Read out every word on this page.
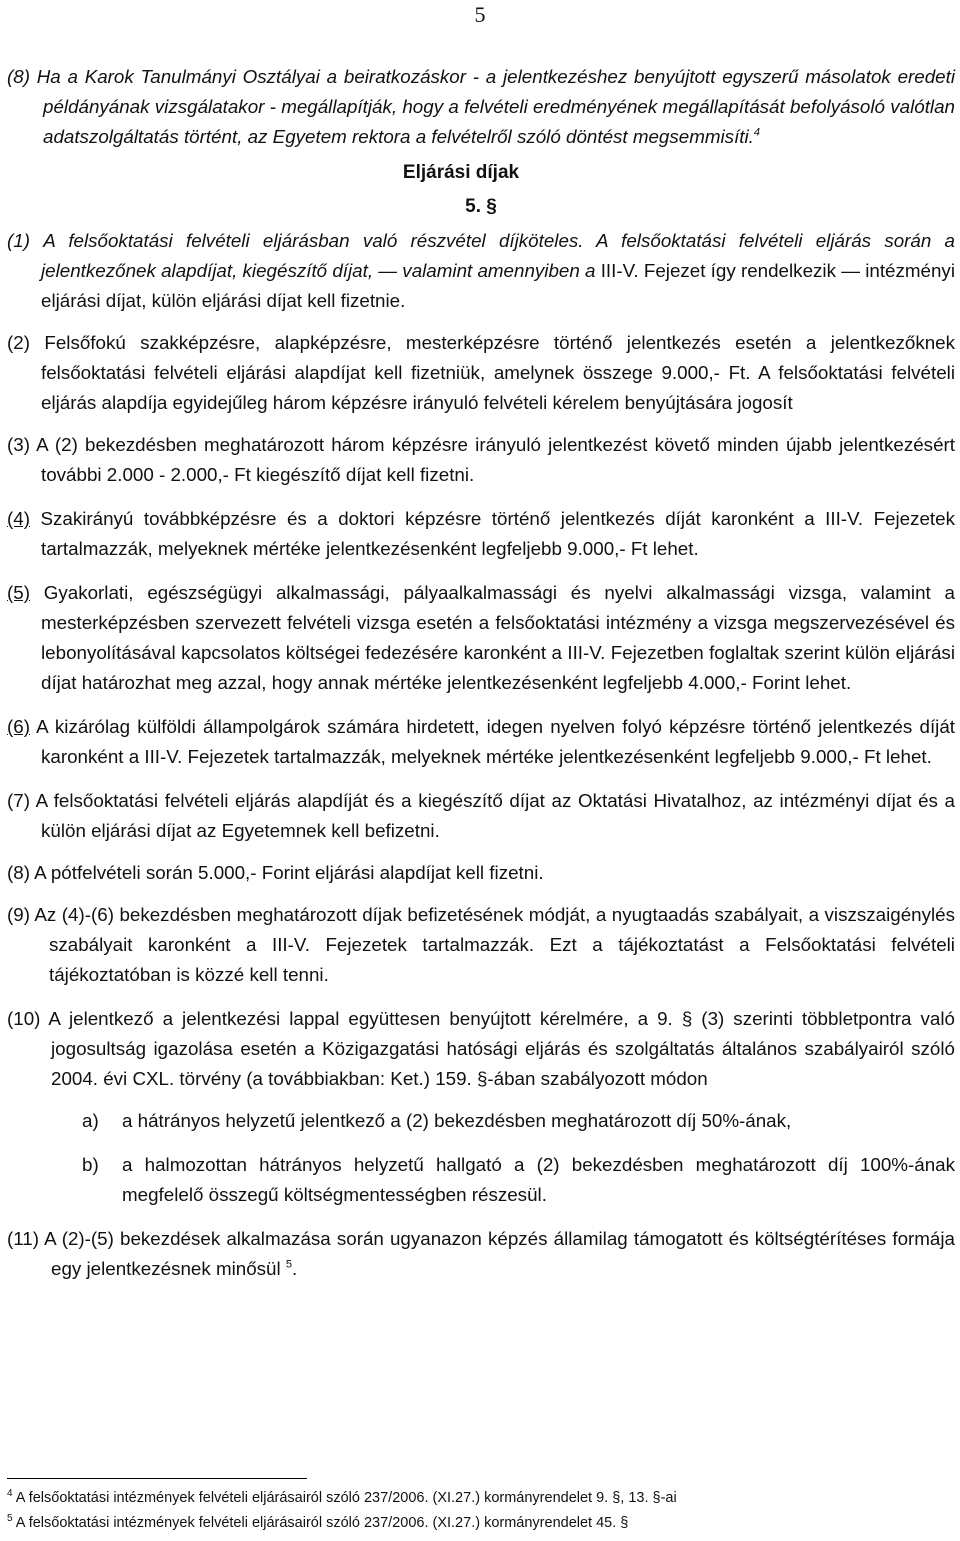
5

(8) Ha a Karok Tanulmányi Osztályai a beiratkozáskor - a jelentkezéshez benyújtott egyszerű másolatok eredeti példányának vizsgálatakor - megállapítják, hogy a felvételi eredményének megállapítását befolyásoló valótlan adatszolgáltatás történt, az Egyetem rektora a felvételről szóló döntést megsemmisíti.$^4$

Eljárási díjak
5. §

(1) A felsőoktatási felvételi eljárásban való részvétel díjköteles. A felsőoktatási felvételi eljárás során a jelentkezőnek alapdíjat, kiegészítő díjat, — valamint amennyiben a III-V. Fejezet így rendelkezik — intézményi eljárási díjat, külön eljárási díjat kell fizetnie.

(2) Felsőfokú szakképzésre, alapképzésre, mesterképzésre történő jelentkezés esetén a jelentkezőknek felsőoktatási felvételi eljárási alapdíjat kell fizetniük, amelynek összege 9.000,- Ft. A felsőoktatási felvételi eljárás alapdíja egyidejűleg három képzésre irányuló felvételi kérelem benyújtására jogosít

(3) A (2) bekezdésben meghatározott három képzésre irányuló jelentkezést követő minden újabb jelentkezésért további 2.000 - 2.000,- Ft kiegészítő díjat kell fizetni.

(4) Szakirányú továbbképzésre és a doktori képzésre történő jelentkezés díját karonként a III-V. Fejezetek tartalmazzák, melyeknek mértéke jelentkezésenként legfeljebb 9.000,- Ft lehet.

(5) Gyakorlati, egészségügyi alkalmassági, pályaalkalmassági és nyelvi alkalmassági vizsga, valamint a mesterképzésben szervezett felvételi vizsga esetén a felsőoktatási intézmény a vizsga megszervezésével és lebonyolításával kapcsolatos költségei fedezésére karonként a III-V. Fejezetben foglaltak szerint külön eljárási díjat határozhat meg azzal, hogy annak mértéke jelentkezésenként legfeljebb 4.000,- Forint lehet.

(6) A kizárólag külföldi állampolgárok számára hirdetett, idegen nyelven folyó képzésre történő jelentkezés díját karonként a III-V. Fejezetek tartalmazzák, melyeknek mértéke jelentkezésenként legfeljebb 9.000,- Ft lehet.

(7) A felsőoktatási felvételi eljárás alapdíját és a kiegészítő díjat az Oktatási Hivatalhoz, az intézményi díjat és a külön eljárási díjat az Egyetemnek kell befizetni.

(8) A pótfelvételi során 5.000,- Forint eljárási alapdíjat kell fizetni.

(9) Az (4)-(6) bekezdésben meghatározott díjak befizetésének módját, a nyugtaadás szabályait, a viszszaigénylés szabályait karonként a III-V. Fejezetek tartalmazzák. Ezt a tájékoztatást a Felsőoktatási felvételi tájékoztatóban is közzé kell tenni.

(10) A jelentkező a jelentkezési lappal együttesen benyújtott kérelmére, a 9. § (3) szerinti többletpontra való jogosultság igazolása esetén a Közigazgatási hatósági eljárás és szolgáltatás általános szabályairól szóló 2004. évi CXL. törvény (a továbbiakban: Ket.) 159. §-ában szabályozott módon

a)	a hátrányos helyzetű jelentkező a (2) bekezdésben meghatározott díj 50%-ának,
b)	a halmozottan hátrányos helyzetű hallgató a (2) bekezdésben meghatározott díj 100%-ának megfelelő összegű költségmentességben részesül.

(11) A (2)-(5) bekezdések alkalmazása során ugyanazon képzés államilag támogatott és költségtérítéses formája egy jelentkezésnek minősül $^5$.

$^4$ A felsőoktatási intézmények felvételi eljárásairól szóló 237/2006. (XI.27.) kormányrendelet 9. §, 13. §-ai
$^5$ A felsőoktatási intézmények felvételi eljárásairól szóló 237/2006. (XI.27.) kormányrendelet 45. §
